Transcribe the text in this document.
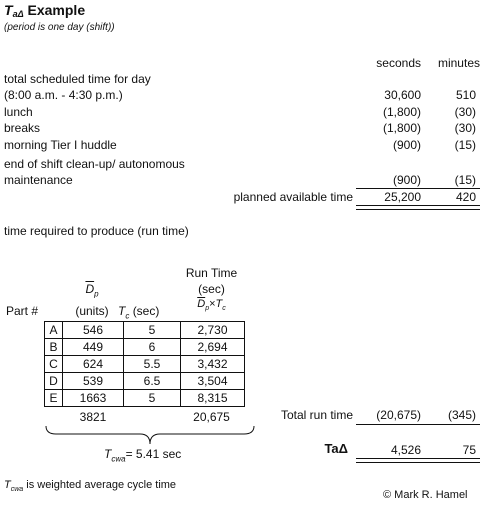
$T_{a\Delta}$ Example
(period is one day (shift))
seconds	minutes
total scheduled time for day
(8:00 a.m. - 4:30 p.m.)	30,600	510
lunch	(1,800)	(30)
breaks	(1,800)	(30)
morning Tier I huddle	(900)	(15)
end of shift clean-up/ autonomous
maintenance	(900)	(15)
planned available time	25,200	420
time required to produce (run time)
Run Time
(sec)
$\overline{D}_p$
$\overline{D}_p\times T_c$
Part #	(units) $T_c$ (sec)
A	546	5	2,730
B	449	6	2,694
C	624	5.5	3,432
D	539	6.5	3,504
E	1663	5	8,315
3821	20,675
$T_{cwa}= 5.41$ sec
Total run time	(20,675)	(345)
TaΔ	4,526	75
$T_{cwa}$ is weighted average cycle time
© Mark R. Hamel
